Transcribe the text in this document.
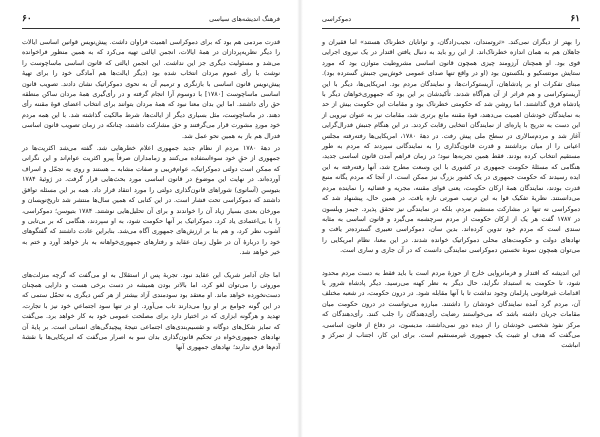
فرهنگ اندیشه‌های سیاسی
۶۰

قدرت مردمی هم بود که برای دموکراسی اهمیت فراوان داشت. پیش‌نویس قوانین اساسی ایالات را دیگر نظریه‌پردازان در همهٔ ایالات، انجمن ایالتی تهیه می‌کرد که به همین منظور فراخوانده می‌شد و مسئولیت دیگری جز این نداشت. این انجمن ایالتی که قانون اساسی ماساچوست را نوشت با رأی عموم مردان انتخاب شده بود (دیگر ایالت‌ها هم آمادگی خود را برای تهیهٔ پیش‌نویس قانون اساسی با بازنگری و ترمیم آن به نحوی دموکراتیک نشان دادند. تصویب قانون اساسی ماساچوست [۱۷۸۰] با دوسوم آرا انجام گرفته و در رأی‌گیری همهٔ مردان ساکن منطقه حق رأی داشتند. اما این بدان معنا نبود که همهٔ مردان بتوانند برای انتخاب اعضای قوهٔ مقننه رأی دهند. در ماساچوست، مثل بسیاری دیگر از ایالت‌ها، شرط مالکیت گذاشته شد. با این همه مردم خود موردِ مشورت قرار می‌گرفتند و حق مشارکت داشتند، چنانکه در زمان تصویب قانون اساسی فدرال هم باز به همین نحو عمل شد.

در دههٔ ۱۷۸۰ مردم از نظام جدید جمهوری اعلام خطرهایی شد. گفته می‌شد اکثریت‌ها در جمهوری از حقِ خود سوءاستفاده می‌کنند و زمامداران صرفاً پیرو اکثریت عوام‌اند و این نگرانی که ممکن است دولتی دموکراتیک، عوام‌فریبی و صفات مشابه ــ هستند و روی به تجمّل و اسراف آورده‌اند. در نهایت این موضوع در قانون اساسی مورد بحث‌هایی قرار گرفت. در ژوئیهٔ ۱۷۸۴ بتیوسن (آسانوی) شوراهای قانون‌گذاری دولتی را مورد انتقاد قرار داد. همه بر این مسئله توافق داشتند که دموکراسی تحت فشار است. در این کتابی که همین سال‌ها منتشر شد تاریخ‌نویسان و مورخان بعدی بسیار زیاد آن را خواندند و برای آن تحلیل‌هایی نوشتند. ۱۷۸۴ بتیوسن؛ دموکراسی، را با بی‌اعتمادی یاد کرد. دموکراتیک بر آنها حکومت شود، به او سپردند، هنگامی که بر بی‌تابی و آشوب نظر کرد، و هم بنا بر ارزش‌های جمهوری آگاه می‌شد. بنابراین عادت داشتند که گفتگوهای خود را دربارهٔ آن در طول زمان عقاید و رفتارهای جمهوری‌خواهانه به بار خواهد آورد و ختم به خیر خواهد شد.

اما جان آدامز شریک این عقاید نبود. تجربهٔ پس از استقلال به او می‌گفت که گرچه منزلت‌های موروثی را می‌توان لغو کرد، اما بالاتر بودن همیشه در دست برخی هست و دارایی همچنان دست‌نخورده خواهد ماند. او معتقد بود سودمندی آزاد بیشتر از هر کس دیگری به تحمّل ستمی که در این گونه جوامع بر او روا می‌دارند تاب می‌آورد. او در تنها سود اجتماعیِ خود نیز با تجارت، تهدید و هرگونه ابزاری که در اختیار دارد برای مصلحت عمومی خود به کار خواهد برد. می‌گفت که تمایز شکل‌های دوگانه و تقسیم‌بندی‌های اجتماعی نتیجهٔ پیچیدگی‌های انسانی است. بر پایهٔ آن نهادهای جمهوری‌خواه در تحکیم قانون‌گذاری بدان سو به اصرار می‌گفت که امریکایی‌ها با نقشهٔ آدم‌ها فرق ندارند؛ نهادهای جمهوری آنها

۶۱
دموکراسی

را بهتر از دیگران نمی‌کند. «ثروتمندان، نجیب‌زادگان، و توانایان خطرناک هستند» اما فقیران و جاهلان هم به همان اندازه خطرناک‌اند. از این رو باید به دنبال یافتن اقتدار در یک نیروی اجرایی قوی بود. او همچنان آرزومند چیزی همچون قانون اساسی مشروطیت متوازن بود که مورد ستایش مونتسکیو و بلکستون بود (او در واقع تنها صدای عمومی خوش‌بین جنبش گسترده بود). مبنای تفکرات او بر پادشاهان، آریستوکرات‌ها، و نمایندگان مردم بود. امریکایی‌ها، دیگر با این آریستوکراسی و هم فراتر از آن هم‌آگاه شدند. تأکیدشان بر این بود که جمهوری‌خواهان دیگر با پادشاه فرق گذاشتند. اما روشن شد که حکومتی خطرناک بود و مقامات این حکومت بیش از حد به نمایندگان خودشان اهمیت می‌دهند، قوهٔ مقننه مانع برتری شد، مقامات نیز به عنوان نیرویی از این دست به تدریج با پاره‌ای از نمایندگان انتخابی رقابت کردند. در این هنگام جنبش فدرال‌گرایی آغاز شد و مردم‌سالاری در سطح ملی پیش رفت. در دههٔ ۱۷۸۰، امریکایی‌ها رفته‌رفته مجلس اعیانی را از میان برداشتند و قدرت قانون‌گذاری را به نمایندگانی سپردند که مردم به طور مستقیم انتخاب کرده بودند. فقط همین تجربه‌ها نبود؛ در زمان فراهم آمدن قانون اساسی جدید، هنگامی که مسئلهٔ حکومت جمهوری در کشوری با این وسعت مطرح شد، آنها رفته‌رفته به این ایده رسیدند که حکومت جمهوری در یک کشور بزرگ نیز ممکن است. از آنجا که مردم یگانه منبع قدرت بودند، نمایندگان همهٔ ارکان حکومت، یعنی قوای مقننه، مجریه و قضائیه را نماینده مردم می‌دانستند. نظریهٔ تفکیک قوا به این ترتیب صورتی تازه یافت. در همین حال، پیشنهاد شد که دموکراسی نه تنها در مشارکت مستقیم مردم، بلکه در نمایندگی نیز تحقق پذیرد. جیمز ویلسون در ۱۷۸۷ گفت هر یک از ارکان حکومت از مردم سرچشمه می‌گیرد و قانون اساسی به مثابه سندی است که مردم خود تدوین کرده‌اند. بدین سان، دموکراسی تعبیری گسترده‌تر یافت و نهادهای دولت و حکومت‌های محلی دموکراتیک خوانده شدند. در این معنا، نظام امریکایی را می‌توان همچون نمونهٔ نخستین دموکراسی نمایندگی دانست که در آن جاری و ساری است.

این اندیشه که اقتدار و فرمانروایی خارج از حوزهٔ مردم است با باید فقط به دست مردم محدود شود، تا حکومت به استبداد نگراید، حال دیگر به نظر کهنه می‌رسید. دیگر پادشاه شرور یا اقدامات غیرقانونی پارلمان وجود نداشت تا با آنها مقابله شود. در درون حکومت، در شعبه مختلف آن، مردم گرد آمده نمایندگان خودشان را داشتند. مبارزه می‌توانست در درون حکومت میان مقامات جریان داشته باشد که می‌خواستند رضایت رأی‌دهندگان را جلب کنند. رأی‌دهندگان که مرکز نفوذ شخصی خودشان را از دیده دور نمی‌داشتند، مدیسون، در دفاع از قانون اساسی، می‌گفت که هدف او تثبیت یک جمهوری غیرمستقیم است. برای این کار، اجتناب از تمرکز و انباشت
